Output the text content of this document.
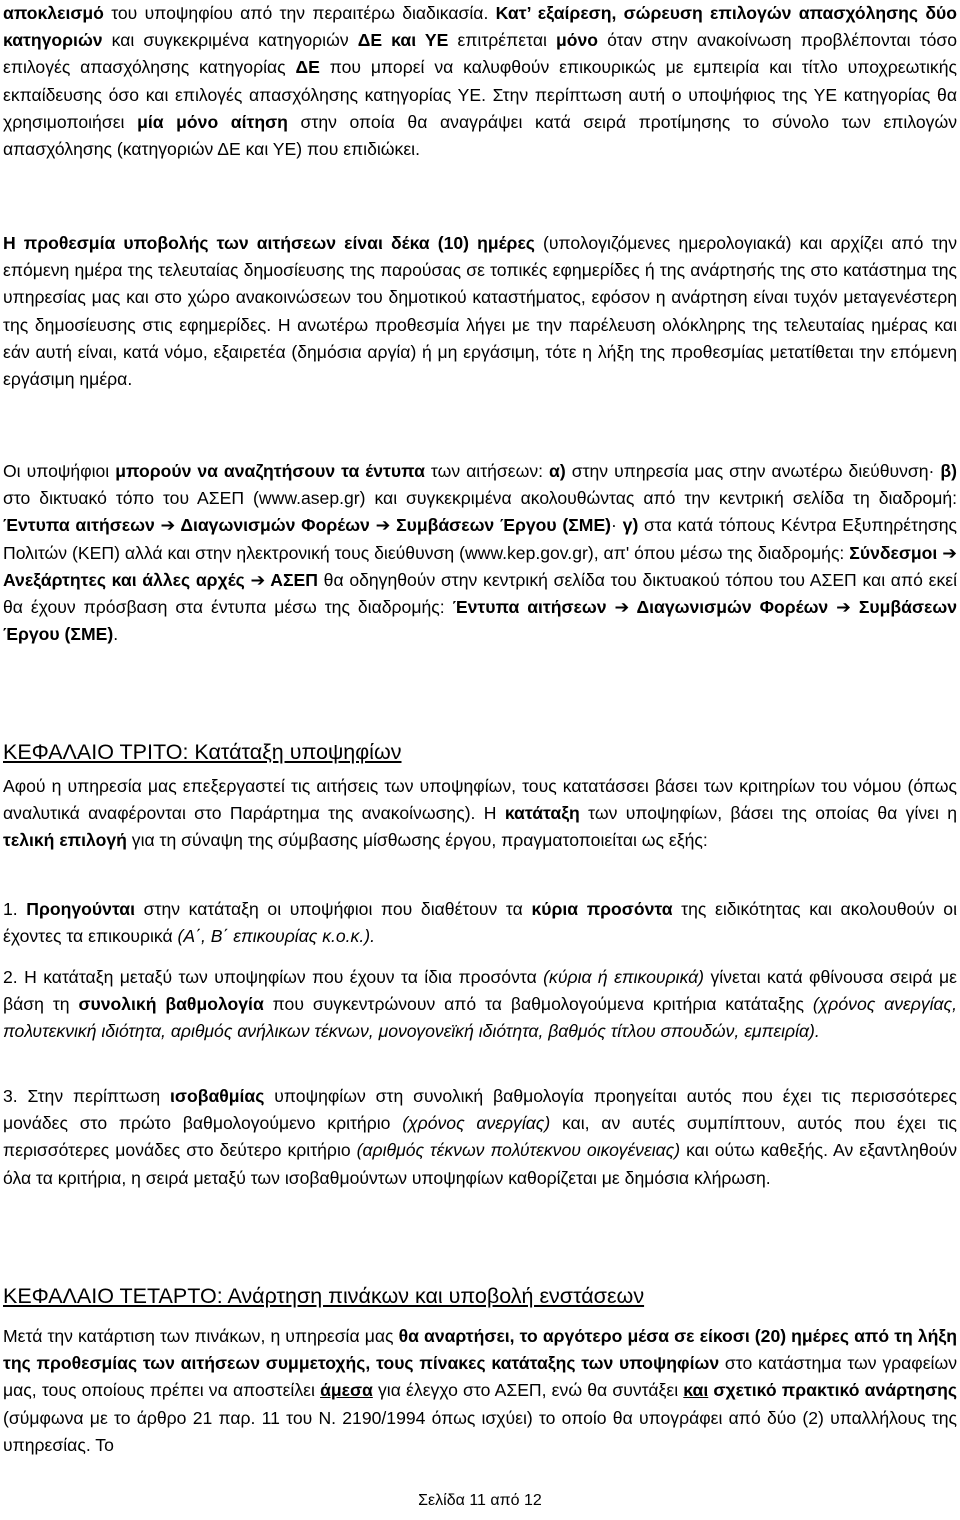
αποκλεισμό του υποψηφίου από την περαιτέρω διαδικασία. Κατ’ εξαίρεση, σώρευση επιλογών απασχόλησης δύο κατηγοριών και συγκεκριμένα κατηγοριών ΔΕ και ΥΕ επιτρέπεται μόνο όταν στην ανακοίνωση προβλέπονται τόσο επιλογές απασχόλησης κατηγορίας ΔΕ που μπορεί να καλυφθούν επικουρικώς με εμπειρία και τίτλο υποχρεωτικής εκπαίδευσης όσο και επιλογές απασχόλησης κατηγορίας ΥΕ. Στην περίπτωση αυτή ο υποψήφιος της ΥΕ κατηγορίας θα χρησιμοποιήσει μία μόνο αίτηση στην οποία θα αναγράψει κατά σειρά προτίμησης το σύνολο των επιλογών απασχόλησης (κατηγοριών ΔΕ και ΥΕ) που επιδιώκει.
Η προθεσμία υποβολής των αιτήσεων είναι δέκα (10) ημέρες (υπολογιζόμενες ημερολογιακά) και αρχίζει από την επόμενη ημέρα της τελευταίας δημοσίευσης της παρούσας σε τοπικές εφημερίδες ή της ανάρτησής της στο κατάστημα της υπηρεσίας μας και στο χώρο ανακοινώσεων του δημοτικού καταστήματος, εφόσον η ανάρτηση είναι τυχόν μεταγενέστερη της δημοσίευσης στις εφημερίδες. Η ανωτέρω προθεσμία λήγει με την παρέλευση ολόκληρης της τελευταίας ημέρας και εάν αυτή είναι, κατά νόμο, εξαιρετέα (δημόσια αργία) ή μη εργάσιμη, τότε η λήξη της προθεσμίας μετατίθεται την επόμενη εργάσιμη ημέρα.
Οι υποψήφιοι μπορούν να αναζητήσουν τα έντυπα των αιτήσεων: α) στην υπηρεσία μας στην ανωτέρω διεύθυνση· β) στο δικτυακό τόπο του ΑΣΕΠ (www.asep.gr) και συγκεκριμένα ακολουθώντας από την κεντρική σελίδα τη διαδρομή: Έντυπα αιτήσεων ➔ Διαγωνισμών Φορέων ➔ Συμβάσεων Έργου (ΣΜΕ)· γ) στα κατά τόπους Κέντρα Εξυπηρέτησης Πολιτών (ΚΕΠ) αλλά και στην ηλεκτρονική τους διεύθυνση (www.kep.gov.gr), απ' όπου μέσω της διαδρομής: Σύνδεσμοι ➔ Ανεξάρτητες και άλλες αρχές ➔ ΑΣΕΠ θα οδηγηθούν στην κεντρική σελίδα του δικτυακού τόπου του ΑΣΕΠ και από εκεί θα έχουν πρόσβαση στα έντυπα μέσω της διαδρομής: Έντυπα αιτήσεων ➔ Διαγωνισμών Φορέων ➔ Συμβάσεων Έργου (ΣΜΕ).
ΚΕΦΑΛΑΙΟ ΤΡΙΤΟ: Κατάταξη υποψηφίων
Αφού η υπηρεσία μας επεξεργαστεί τις αιτήσεις των υποψηφίων, τους κατατάσσει βάσει των κριτηρίων του νόμου (όπως αναλυτικά αναφέρονται στο Παράρτημα της ανακοίνωσης). Η κατάταξη των υποψηφίων, βάσει της οποίας θα γίνει η τελική επιλογή για τη σύναψη της σύμβασης μίσθωσης έργου, πραγματοποιείται ως εξής:
1. Προηγούνται στην κατάταξη οι υποψήφιοι που διαθέτουν τα κύρια προσόντα της ειδικότητας και ακολουθούν οι έχοντες τα επικουρικά (Α΄, Β΄ επικουρίας κ.ο.κ.).
2. Η κατάταξη μεταξύ των υποψηφίων που έχουν τα ίδια προσόντα (κύρια ή επικουρικά) γίνεται κατά φθίνουσα σειρά με βάση τη συνολική βαθμολογία που συγκεντρώνουν από τα βαθμολογούμενα κριτήρια κατάταξης (χρόνος ανεργίας, πολυτεκνική ιδιότητα, αριθμός ανήλικων τέκνων, μονογονεϊκή ιδιότητα, βαθμός τίτλου σπουδών, εμπειρία).
3. Στην περίπτωση ισοβαθμίας υποψηφίων στη συνολική βαθμολογία προηγείται αυτός που έχει τις περισσότερες μονάδες στο πρώτο βαθμολογούμενο κριτήριο (χρόνος ανεργίας) και, αν αυτές συμπίπτουν, αυτός που έχει τις περισσότερες μονάδες στο δεύτερο κριτήριο (αριθμός τέκνων πολύτεκνου οικογένειας) και ούτω καθεξής. Αν εξαντληθούν όλα τα κριτήρια, η σειρά μεταξύ των ισοβαθμούντων υποψηφίων καθορίζεται με δημόσια κλήρωση.
ΚΕΦΑΛΑΙΟ ΤΕΤΑΡΤΟ: Ανάρτηση πινάκων και υποβολή ενστάσεων
Μετά την κατάρτιση των πινάκων, η υπηρεσία μας θα αναρτήσει, το αργότερο μέσα σε είκοσι (20) ημέρες από τη λήξη της προθεσμίας των αιτήσεων συμμετοχής, τους πίνακες κατάταξης των υποψηφίων στο κατάστημα των γραφείων μας, τους οποίους πρέπει να αποστείλει άμεσα για έλεγχο στο ΑΣΕΠ, ενώ θα συντάξει και σχετικό πρακτικό ανάρτησης (σύμφωνα με το άρθρο 21 παρ. 11 του Ν. 2190/1994 όπως ισχύει) το οποίο θα υπογράφει από δύο (2) υπαλλήλους της υπηρεσίας. Το
Σελίδα 11 από 12
